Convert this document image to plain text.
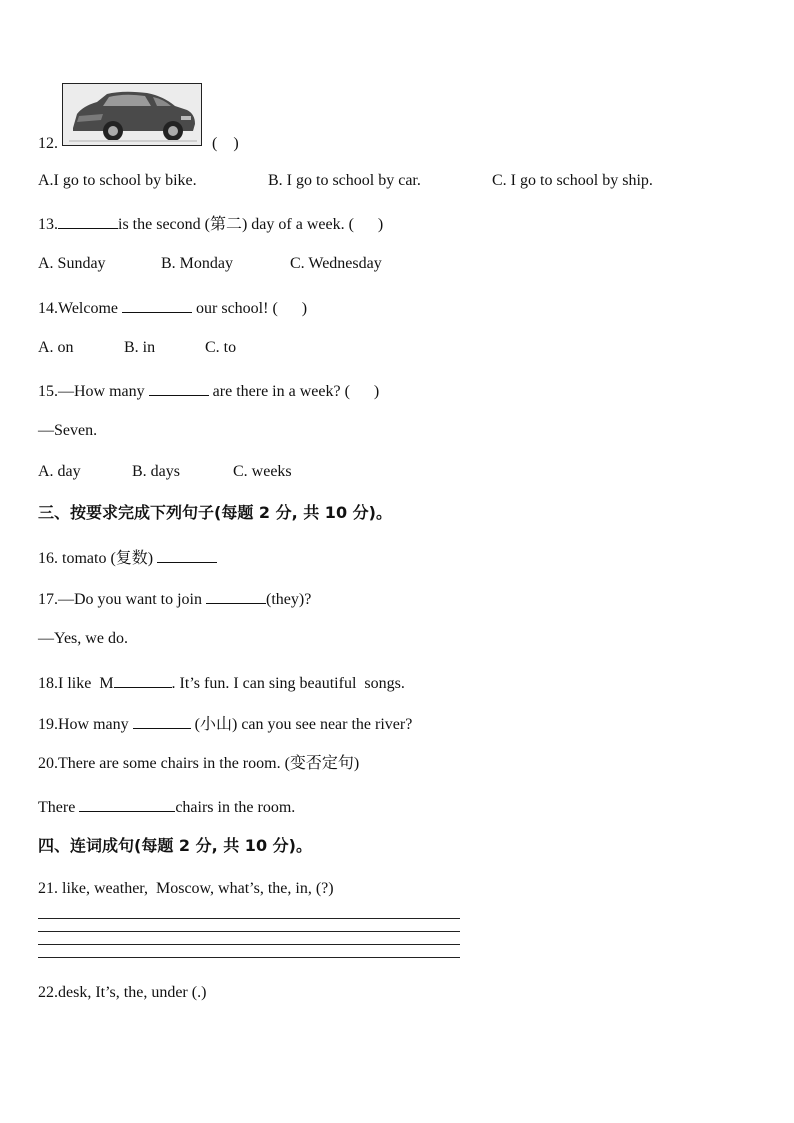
12.	(    )
A.I go to school by bike.	B. I go to school by car.	C. I go to school by ship.
13.	is the second (第二) day of a week. (      )
A. Sunday	B. Monday	C. Wednesday
14.Welcome	our school! (      )
A. on	B. in	C. to
15.—How many	are there in a week? (      )
—Seven.
A. day	B. days	C. weeks
三、按要求完成下列句子(每题 2 分, 共 10 分)。
16. tomato (复数)
17.—Do you want to join	(they)?
—Yes, we do.
18.I like  M	. It’s fun. I can sing beautiful  songs.
19.How many	(小山) can you see near the river?
20.There are some chairs in the room. (变否定句)
There	chairs in the room.
四、连词成句(每题 2 分, 共 10 分)。
21. like, weather,  Moscow, what’s, the, in, (?)
22.desk, It’s, the, under (.)
